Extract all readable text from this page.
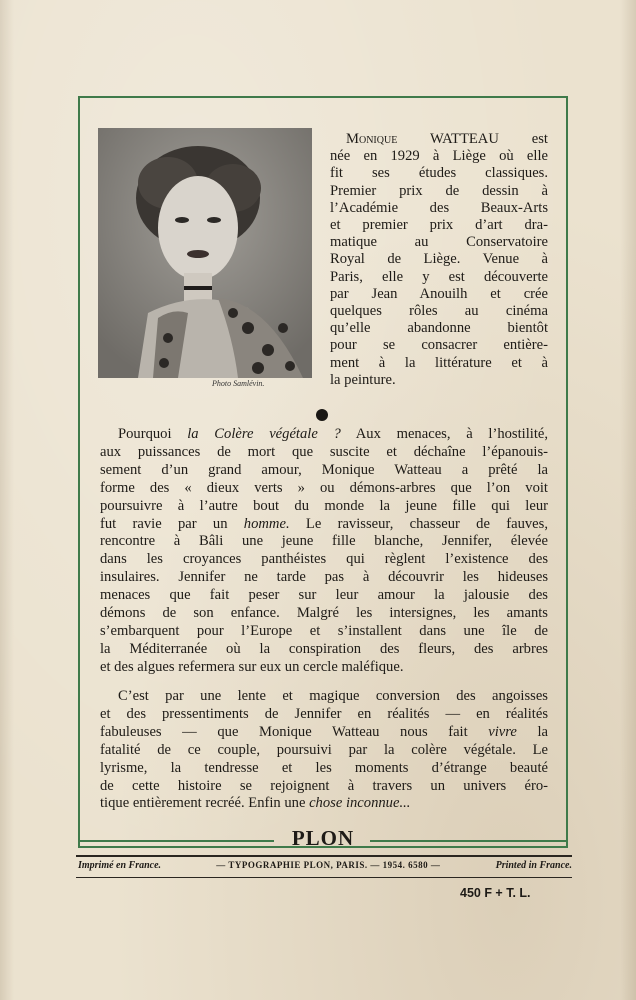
Photo Samlévin.
Monique WATTEAU est
née en 1929 à Liège où elle
fit ses études classiques.
Premier prix de dessin à
l’Académie des Beaux-Arts
et premier prix d’art dra-
matique au Conservatoire
Royal de Liège. Venue à
Paris, elle y est découverte
par Jean Anouilh et crée
quelques rôles au cinéma
qu’elle abandonne bientôt
pour se consacrer entière-
ment à la littérature et à
la peinture.
Pourquoi la Colère végétale ? Aux menaces, à l’hostilité,
aux puissances de mort que suscite et déchaîne l’épanouis-
sement d’un grand amour, Monique Watteau a prêté la
forme des « dieux verts » ou démons-arbres que l’on voit
poursuivre à l’autre bout du monde la jeune fille qui leur
fut ravie par un homme. Le ravisseur, chasseur de fauves,
rencontre à Bâli une jeune fille blanche, Jennifer, élevée
dans les croyances panthéistes qui règlent l’existence des
insulaires. Jennifer ne tarde pas à découvrir les hideuses
menaces que fait peser sur leur amour la jalousie des
démons de son enfance. Malgré les intersignes, les amants
s’embarquent pour l’Europe et s’installent dans une île de
la Méditerranée où la conspiration des fleurs, des arbres
et des algues refermera sur eux un cercle maléfique.
C’est par une lente et magique conversion des angoisses
et des pressentiments de Jennifer en réalités — en réalités
fabuleuses — que Monique Watteau nous fait vivre la
fatalité de ce couple, poursuivi par la colère végétale. Le
lyrisme, la tendresse et les moments d’étrange beauté
de cette histoire se rejoignent à travers un univers éro-
tique entièrement recréé. Enfin une chose inconnue...
PLON
Imprimé en France.	— TYPOGRAPHIE PLON, PARIS. — 1954. 6580 —	Printed in France.
450 F + T. L.
